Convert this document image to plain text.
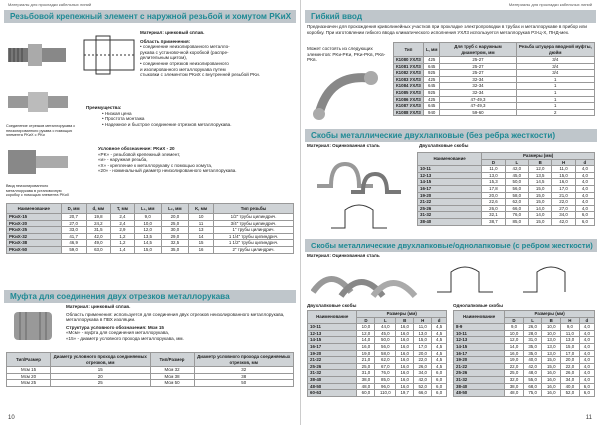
Материалы для прокладки кабельных линий
Резьбовой крепежный элемент с наружной резьбой и хомутом PKиХ
Соединение отрезков металлорукава с неизолированного рукава с помощью элемента PKиХ с PKи
Ввод неизолированного металлорукава в установочную коробку с помощью элемента PKиХ
Материал: цинковый сплав.
Область применения:
• соединение неизолированного металло-
рукава с установочной коробкой (распре-
делительным щитом),
• соединение отрезков неизолированного
и изолированного металлорукава путем
стыковки с элементом PKиХ с внутренней резьбой PKи.
Преимущества:
• Низкая цена
• Простота монтажа
• Надежное и быстрое соединение отрезков металлорукава.
Условное обозначение: PKиХ - 20
«PK» - резьбовой крепежный элемент,
«и» - наружная резьба,
«Х» - крепление к металлорукаву с помощью хомута,
«20» - номинальный диаметр неизолированного металлорукава.
Наименование	D, мм	d, мм	T, мм	L₁, мм	L₂, мм	K, мм	Тип резьбы
PKиХ-15	20,7	19,8	2,4	9,0	20,0	10	1/2" трубы цилиндрич.
PKиХ-20	27,0	24,2	2,4	10,0	25,0	11	3/4" трубы цилиндрич.
PKиХ-25	33,0	31,5	2,9	12,0	30,0	13	1" трубы цилиндрич.
PKиХ-32	41,7	42,0	1,2	13,5	29,0	14	1 1/4" трубы цилиндрич.
PKиХ-38	46,9	49,0	1,2	14,5	32,5	15	1 1/2" трубы цилиндрич.
PKиХ-50	59,0	63,0	1,4	15,0	35,0	16	2" трубы цилиндрич.
Муфта для соединения двух отрезков металлорукава
Материал: цинковый сплав.
Область применения: используется для соединения двух отрезков неизолированного металлорукава, металлорукава в ПВХ изоляции.
Структура условного обозначения: Мсм 15
«Мсм» - муфта для соединения металлорукава,
«15» - диаметр условного прохода металлорукава, мм.
Тип/Размер	Диаметр условного прохода соединяемых отрезков, мм	Тип/Размер	Диаметр условного прохода соединяемых отрезков, мм
Мсм 15	15	Мсм 32	32
Мсм 20	20	Мсм 38	38
Мсм 25	25	Мсм 50	50
10
Материалы для прокладки кабельных линий
Гибкий ввод
Предназначен для прохождения криволинейных участков при прокладке электропроводки в трубах и металлорукаве в прибор или коробку. При изготовлении гибкого ввода климатического исполнения УХЛ3 используется металлорукав Р3-Ц-Х, ПНД-мех.
Может состоять из следующих элементов: PKи-PKи, PKи-PKв, PKв-PKв.
Тип	L, мм	Для труб с наружным диаметром, мм	Резьба штуцера вводной муфты, дюйм
К1080 УХЛ3	425	25-27	3/4
К1081 УХЛ3	645	25-27	3/4
К1082 УХЛ3	925	25-27	3/4
К1083 УХЛ3	425	32-34	1
К1084 УХЛ3	645	32-34	1
К1085 УХЛ3	925	32-34	1
К1086 УХЛ3	425	47-49,3	1
К1087 УХЛ3	645	47-49,3	1
К1088 УХЛ3	940	59-60	2
Скобы металлические двухлапковые (без ребра жесткости)
Материал: Оцинкованная сталь	Двухлапковые скобы
Наименование	Размеры (мм)				
	D	L	B	H	d
10-11	11,0	42,0	12,0	11,0	4,0
12-13	13,0	45,0	13,5	15,0	4,0
14-15	15,3	50,0	14,5	16,0	4,0
16-17	17,8	56,0	15,0	17,0	4,0
19-20	20,0	58,0	15,0	21,0	4,0
21-22	22,6	62,0	15,0	22,0	4,0
25-26	26,0	66,0	14,0	27,0	4,0
31-32	32,1	76,0	14,0	34,0	6,0
38-40	38,7	85,0	15,0	42,0	6,0
Скобы металлические двухлапковые/однолапковые (с ребром жесткости)
Материал: Оцинкованная сталь
Двухлапковые скобы	Однолапковые скобы
Наименование	Размеры (мм)				
	D	L	B	H	d
10-11	10,0	44,0	16,0	11,0	4,5
12-13	12,0	45,0	16,0	13,0	4,5
14-15	14,0	50,0	16,0	15,0	4,5
16-17	16,0	56,0	16,0	17,0	4,5
19-20	19,0	58,0	16,0	20,0	4,5
21-22	21,0	62,0	16,0	22,0	4,5
25-26	25,0	67,0	16,0	26,0	4,5
31-32	31,0	76,0	16,0	34,0	6,0
38-40	38,0	85,0	16,0	42,0	6,0
48-50	48,0	96,0	16,0	52,0	6,0
60-63	60,0	110,0	19,7	66,0	6,0
Наименование	Размеры (мм)				
	D	L	B	H	d
8-9	9,0	26,0	10,0	9,0	4,0
10-11	10,0	28,0	10,0	11,0	4,0
12-13	12,0	31,0	13,0	13,0	4,0
14-15	14,0	35,0	13,0	15,0	4,0
16-17	16,0	35,0	13,0	17,0	4,0
19-20	19,0	40,0	15,0	20,0	4,0
21-22	22,0	42,0	15,0	22,0	4,0
25-26	25,0	48,0	16,0	26,0	4,0
31-32	32,0	55,0	16,0	34,0	4,0
38-40	38,0	68,0	16,0	40,0	6,0
48-50	48,0	75,0	16,0	52,0	6,0
11
